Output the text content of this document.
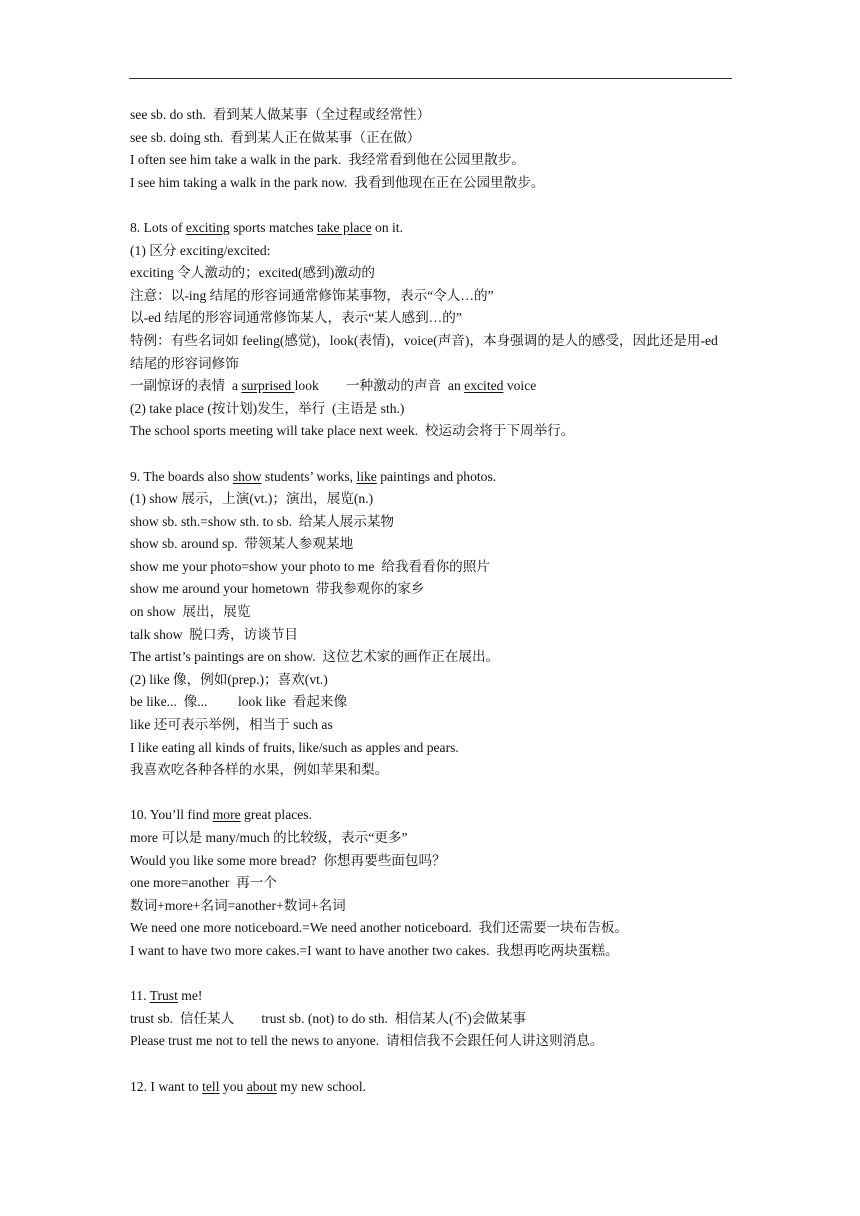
see sb. do sth.  看到某人做某事（全过程或经常性）
see sb. doing sth.  看到某人正在做某事（正在做）
I often see him take a walk in the park.  我经常看到他在公园里散步。
I see him taking a walk in the park now.  我看到他现在正在公园里散步。
8. Lots of exciting sports matches take place on it.
(1) 区分 exciting/excited:
exciting 令人激动的；excited(感到)激动的
注意：以-ing 结尾的形容词通常修饰某事物，表示“令人…的”
以-ed 结尾的形容词通常修饰某人，表示“某人感到…的”
特例：有些名词如 feeling(感觉)，look(表情)，voice(声音)，本身强调的是人的感受，因此还是用-ed 结尾的形容词修饰
一副惊讶的表情  a surprised look        一种激动的声音  an excited voice
(2) take place (按计划)发生，举行  (主语是 sth.)
The school sports meeting will take place next week.  校运动会将于下周举行。
9. The boards also show students’ works, like paintings and photos.
(1) show 展示，上演(vt.)；演出，展览(n.)
show sb. sth.=show sth. to sb.  给某人展示某物
show sb. around sp.  带领某人参观某地
show me your photo=show your photo to me  给我看看你的照片
show me around your hometown  带我参观你的家乡
on show  展出，展览
talk show  脱口秀，访谈节目
The artist’s paintings are on show.  这位艺术家的画作正在展出。
(2) like 像，例如(prep.)；喜欢(vt.)
be like...  像...         look like  看起来像
like 还可表示举例，相当于 such as
I like eating all kinds of fruits, like/such as apples and pears.
我喜欢吃各种各样的水果，例如苹果和梨。
10. You’ll find more great places.
more 可以是 many/much 的比较级，表示“更多”
Would you like some more bread?  你想再要些面包吗？
one more=another  再一个
数词+more+名词=another+数词+名词
We need one more noticeboard.=We need another noticeboard.  我们还需要一块布告板。
I want to have two more cakes.=I want to have another two cakes.  我想再吃两块蛋糕。
11. Trust me!
trust sb.  信任某人        trust sb. (not) to do sth.  相信某人(不)会做某事
Please trust me not to tell the news to anyone.  请相信我不会跟任何人讲这则消息。
12. I want to tell you about my new school.
